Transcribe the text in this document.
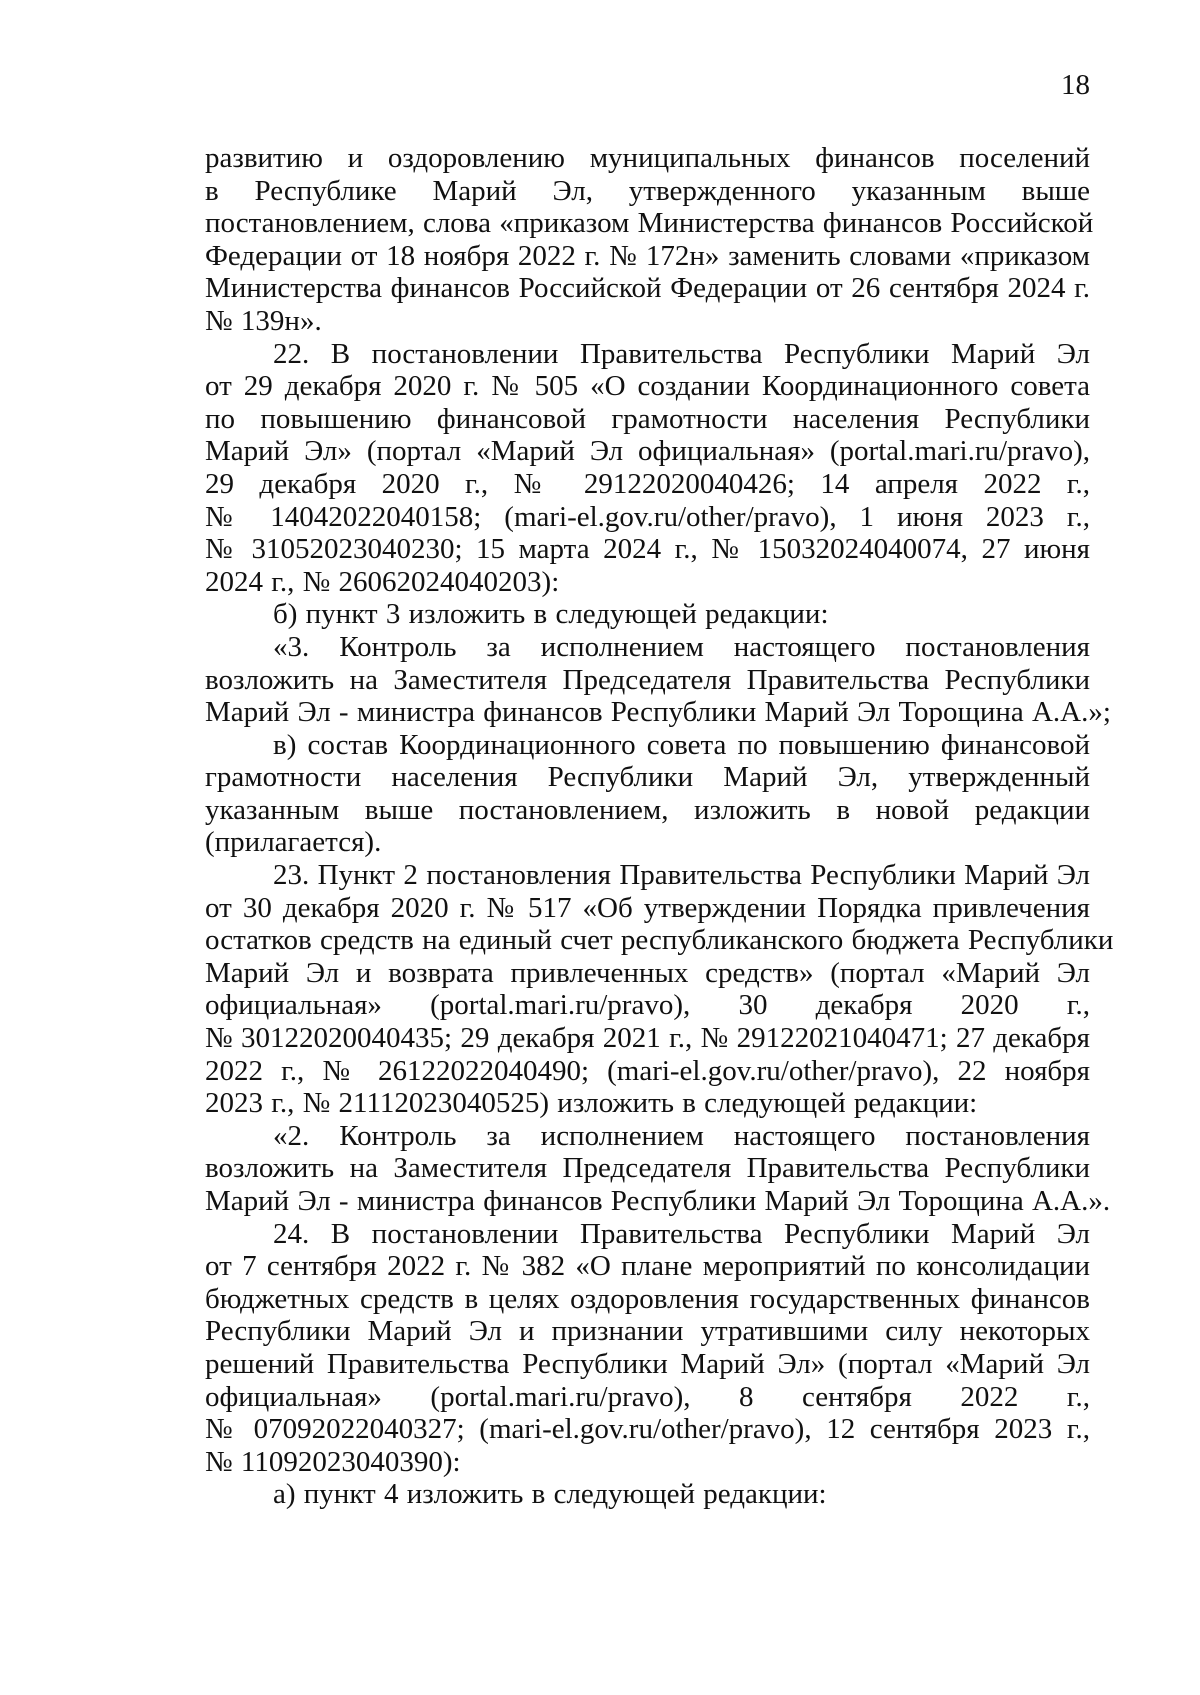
18
развитию и оздоровлению муниципальных финансов поселений
в Республике Марий Эл, утвержденного указанным выше
постановлением, слова «приказом Министерства финансов Российской
Федерации от 18 ноября 2022 г. № 172н» заменить словами «приказом
Министерства финансов Российской Федерации от 26 сентября 2024 г.
№ 139н».
22. В постановлении Правительства Республики Марий Эл
от 29 декабря 2020 г. № 505 «О создании Координационного совета
по повышению финансовой грамотности населения Республики
Марий Эл» (портал «Марий Эл официальная» (portal.mari.ru/pravo),
29 декабря 2020 г., № 29122020040426; 14 апреля 2022 г.,
№ 14042022040158; (mari-el.gov.ru/other/pravo), 1 июня 2023 г.,
№ 31052023040230; 15 марта 2024 г., № 15032024040074, 27 июня
2024 г., № 26062024040203):
б) пункт 3 изложить в следующей редакции:
«3. Контроль за исполнением настоящего постановления
возложить на Заместителя Председателя Правительства Республики
Марий Эл - министра финансов Республики Марий Эл Торощина А.А.»;
в) состав Координационного совета по повышению финансовой
грамотности населения Республики Марий Эл, утвержденный
указанным выше постановлением, изложить в новой редакции
(прилагается).
23. Пункт 2 постановления Правительства Республики Марий Эл
от 30 декабря 2020 г. № 517 «Об утверждении Порядка привлечения
остатков средств на единый счет республиканского бюджета Республики
Марий Эл и возврата привлеченных средств» (портал «Марий Эл
официальная» (portal.mari.ru/pravo), 30 декабря 2020 г.,
№ 30122020040435; 29 декабря 2021 г., № 29122021040471; 27 декабря
2022 г., № 26122022040490; (mari-el.gov.ru/other/pravo), 22 ноября
2023 г., № 21112023040525) изложить в следующей редакции:
«2. Контроль за исполнением настоящего постановления
возложить на Заместителя Председателя Правительства Республики
Марий Эл - министра финансов Республики Марий Эл Торощина А.А.».
24. В постановлении Правительства Республики Марий Эл
от 7 сентября 2022 г. № 382 «О плане мероприятий по консолидации
бюджетных средств в целях оздоровления государственных финансов
Республики Марий Эл и признании утратившими силу некоторых
решений Правительства Республики Марий Эл» (портал «Марий Эл
официальная» (portal.mari.ru/pravo), 8 сентября 2022 г.,
№ 07092022040327; (mari-el.gov.ru/other/pravo), 12 сентября 2023 г.,
№ 11092023040390):
а) пункт 4 изложить в следующей редакции:
